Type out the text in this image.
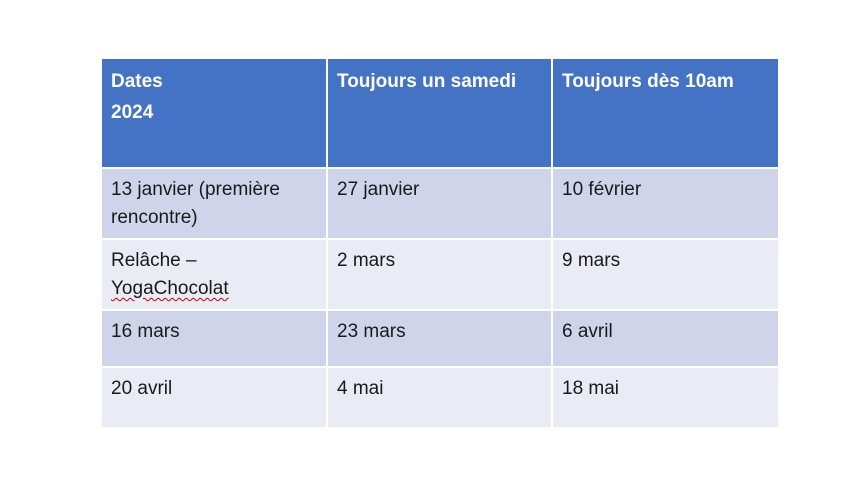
Dates
2024	Toujours un samedi	Toujours dès 10am
13 janvier (première rencontre)	27 janvier	10 février
Relâche –
YogaChocolat	2 mars	9 mars
16 mars	23 mars	6 avril
20 avril	4 mai	18 mai
